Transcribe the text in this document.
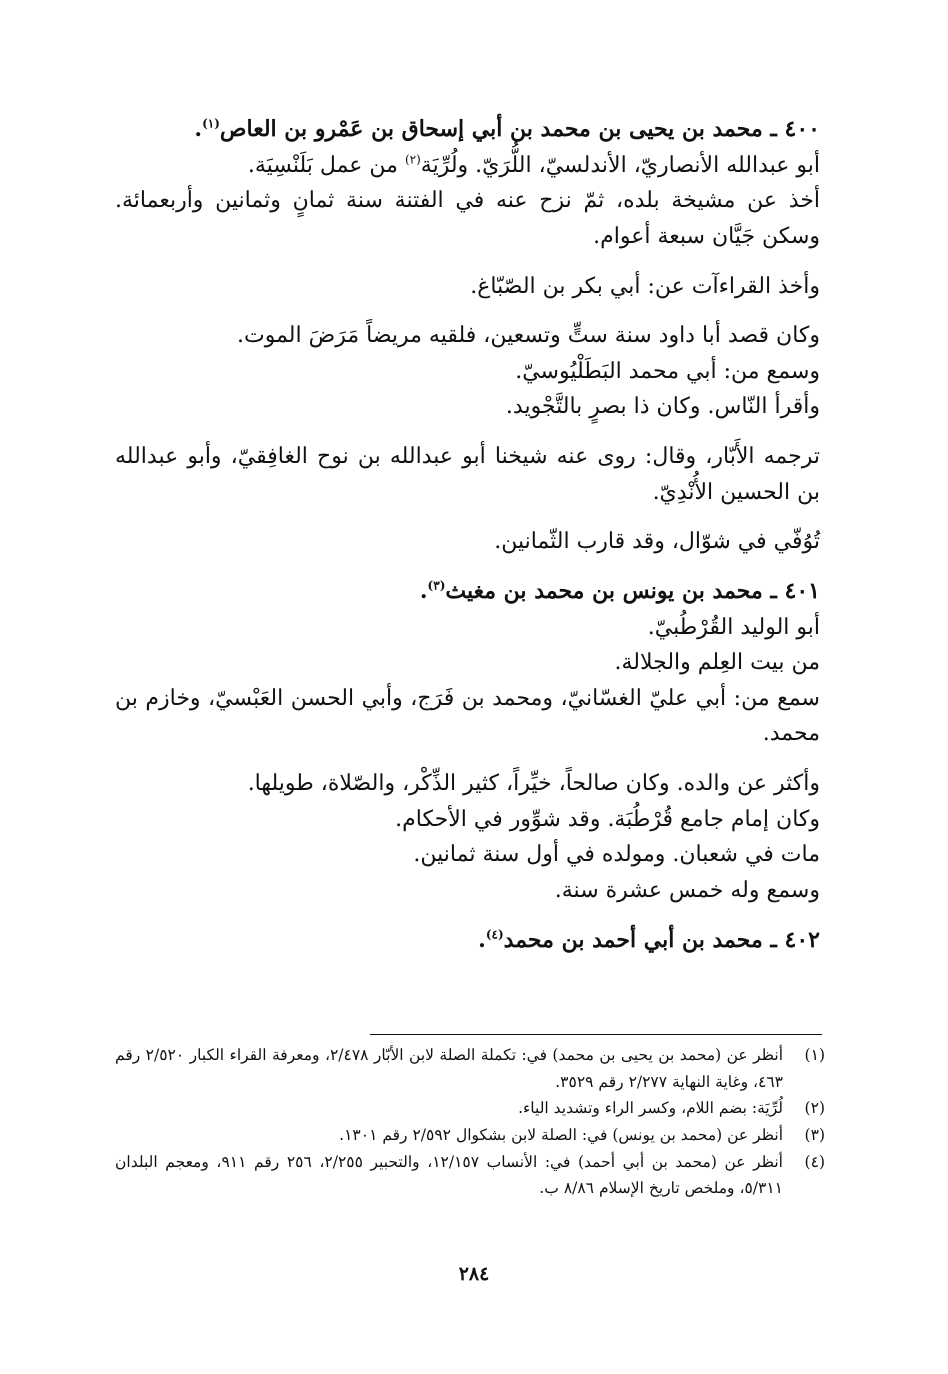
٤٠٠ ـ محمد بن يحيى بن محمد بن أبي إسحاق بن عَمْرو بن العاص$^{(١)}$.

أبو عبدالله الأنصاريّ، الأندلسيّ، اللُّرَيّ. ولُرِّيَة$^{(٢)}$ من عمل بَلَنْسِيَة.

أخذ عن مشيخة بلده، ثمّ نزح عنه في الفتنة سنة ثمانٍ وثمانين وأربعمائة. وسكن جَيَّان سبعة أعوام.

وأخذ القراءآت عن: أبي بكر بن الصّبّاغ.

وكان قصد أبا داود سنة ستٍّ وتسعين، فلقيه مريضاً مَرَضَ الموت.

وسمع من: أبي محمد البَطَلْيُوسيّ.

وأقرأ النّاس. وكان ذا بصرٍ بالتَّجْويد.

ترجمه الأَبّار، وقال: روى عنه شيخنا أبو عبدالله بن نوح الغافِقيّ، وأبو عبدالله بن الحسين الأُنْدِيّ.

تُوُفّي في شوّال، وقد قارب الثّمانين.

٤٠١ ـ محمد بن يونس بن محمد بن مغيث$^{(٣)}$.

أبو الوليد القُرْطُبيّ.

من بيت العِلم والجلالة.

سمع من: أبي عليّ الغسّانيّ، ومحمد بن فَرَج، وأبي الحسن العَبْسيّ، وخازم بن محمد.

وأكثر عن والده. وكان صالحاً، خيِّراً، كثير الذِّكْر، والصّلاة، طويلها.

وكان إمام جامع قُرْطُبَة. وقد شوِّور في الأحكام.

مات في شعبان. ومولده في أول سنة ثمانين.

وسمع وله خمس عشرة سنة.

٤٠٢ ـ محمد بن أبي أحمد بن محمد$^{(٤)}$.

(١)
أنظر عن (محمد بن يحيى بن محمد) في: تكملة الصلة لابن الأبّار ٢/٤٧٨، ومعرفة القراء الكبار ٢/٥٢٠ رقم ٤٦٣، وغاية النهاية ٢/٢٧٧ رقم ٣٥٢٩.
(٢)
لُرِّيَة: بضم اللام، وكسر الراء وتشديد الياء.
(٣)
أنظر عن (محمد بن يونس) في: الصلة لابن بشكوال ٢/٥٩٢ رقم ١٣٠١.
(٤)
أنظر عن (محمد بن أبي أحمد) في: الأنساب ١٢/١٥٧، والتحبير ٢/٢٥٥، ٢٥٦ رقم ٩١١، ومعجم البلدان ٥/٣١١، وملخص تاريخ الإسلام ٨/٨٦ ب.
٢٨٤
